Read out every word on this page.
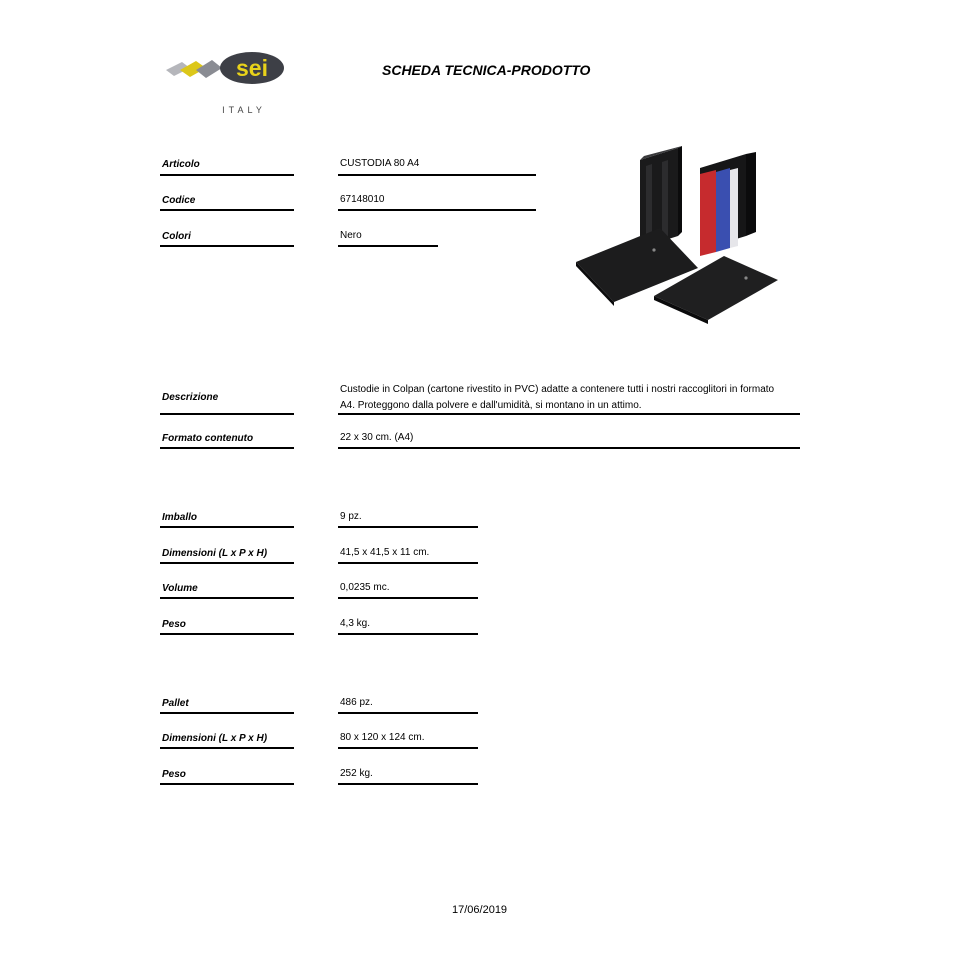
sei
ITALY
SCHEDA TECNICA-PRODOTTO
Articolo	CUSTODIA 80 A4
Codice	67148010
Colori	Nero
Descrizione
Custodie in Colpan (cartone rivestito in PVC) adatte a contenere tutti i nostri raccoglitori in formato A4. Proteggono dalla polvere e dall'umidità, si montano in un attimo.
Formato contenuto	22 x 30 cm. (A4)
Imballo	9 pz.
Dimensioni (L x P x H)	41,5 x 41,5 x 11 cm.
Volume	0,0235 mc.
Peso	4,3 kg.
Pallet	486 pz.
Dimensioni (L x P x H)	80 x 120 x 124 cm.
Peso	252 kg.
17/06/2019
